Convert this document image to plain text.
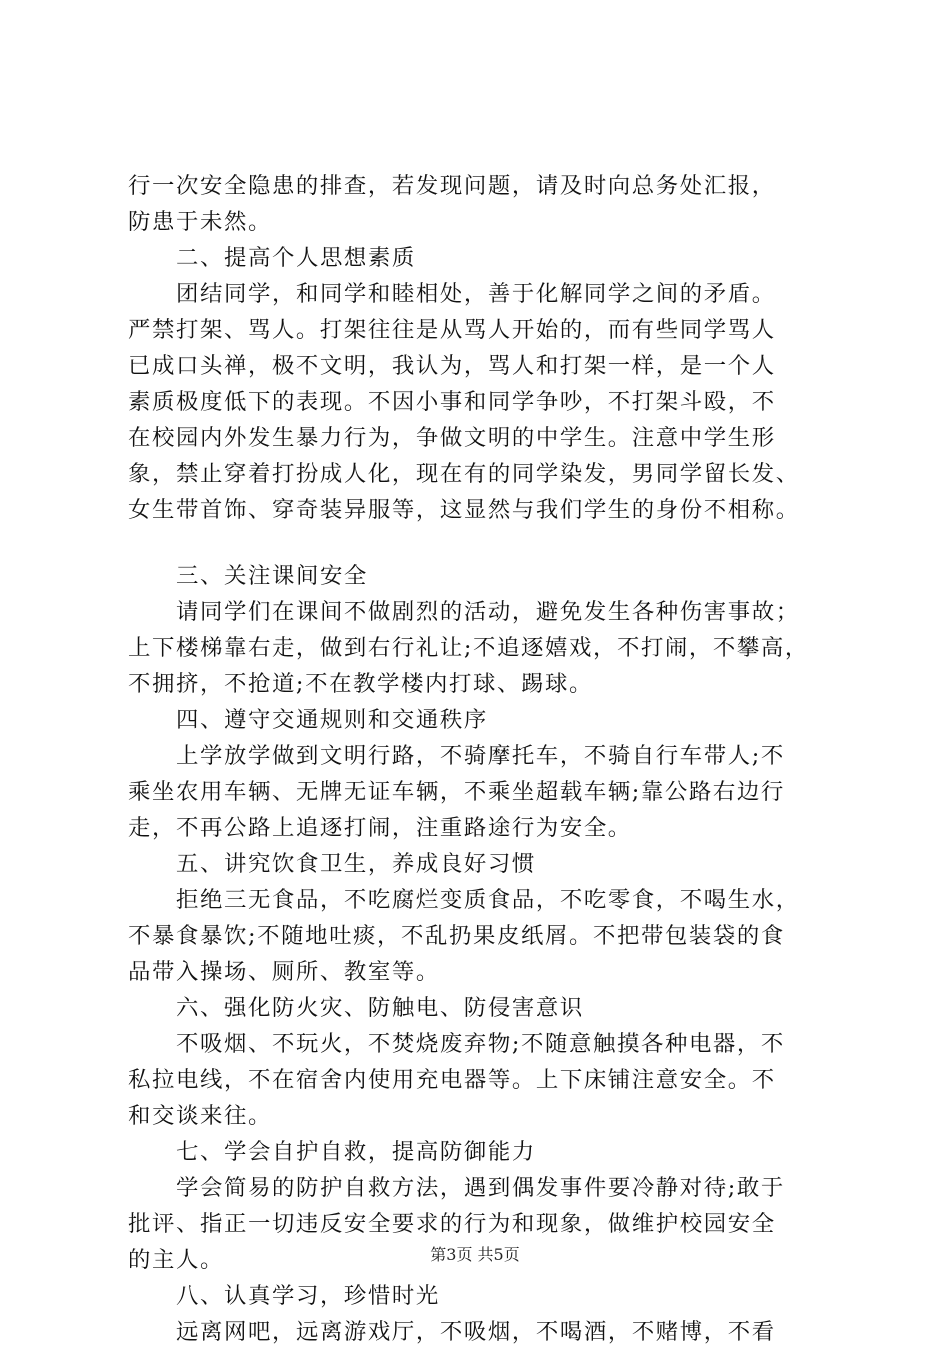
行一次安全隐患的排查，若发现问题，请及时向总务处汇报，
防患于未然。
二、提高个人思想素质
团结同学，和同学和睦相处，善于化解同学之间的矛盾。
严禁打架、骂人。打架往往是从骂人开始的，而有些同学骂人
已成口头禅，极不文明，我认为，骂人和打架一样，是一个人
素质极度低下的表现。不因小事和同学争吵，不打架斗殴，不
在校园内外发生暴力行为，争做文明的中学生。注意中学生形
象，禁止穿着打扮成人化，现在有的同学染发，男同学留长发、
女生带首饰、穿奇装异服等，这显然与我们学生的身份不相称。
三、关注课间安全
请同学们在课间不做剧烈的活动，避免发生各种伤害事故；
上下楼梯靠右走，做到右行礼让;不追逐嬉戏，不打闹，不攀高，
不拥挤，不抢道;不在教学楼内打球、踢球。
四、遵守交通规则和交通秩序
上学放学做到文明行路，不骑摩托车，不骑自行车带人;不
乘坐农用车辆、无牌无证车辆，不乘坐超载车辆;靠公路右边行
走，不再公路上追逐打闹，注重路途行为安全。
五、讲究饮食卫生，养成良好习惯
拒绝三无食品，不吃腐烂变质食品，不吃零食，不喝生水，
不暴食暴饮;不随地吐痰，不乱扔果皮纸屑。不把带包装袋的食
品带入操场、厕所、教室等。
六、强化防火灾、防触电、防侵害意识
不吸烟、不玩火，不焚烧废弃物;不随意触摸各种电器，不
私拉电线，不在宿舍内使用充电器等。上下床铺注意安全。不
和交谈来往。
七、学会自护自救，提高防御能力
学会简易的防护自救方法，遇到偶发事件要冷静对待;敢于
批评、指正一切违反安全要求的行为和现象，做维护校园安全
的主人。
八、认真学习，珍惜时光
远离网吧，远离游戏厅，不吸烟，不喝酒，不赌博，不看
第3页 共5页
